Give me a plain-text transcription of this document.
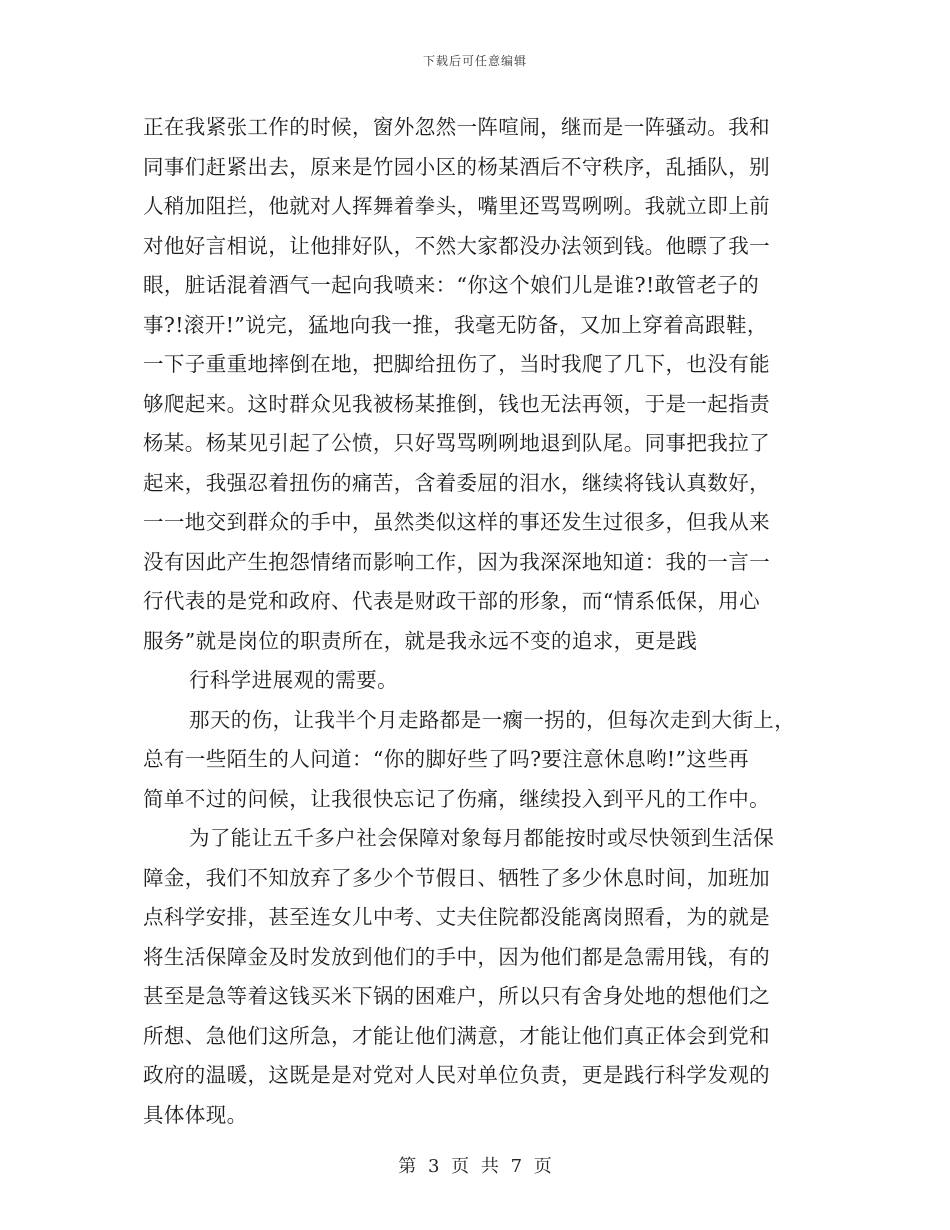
下载后可任意编辑
正在我紧张工作的时候，窗外忽然一阵喧闹，继而是一阵骚动。我和
同事们赶紧出去，原来是竹园小区的杨某酒后不守秩序，乱插队，别
人稍加阻拦，他就对人挥舞着拳头，嘴里还骂骂咧咧。我就立即上前
对他好言相说，让他排好队，不然大家都没办法领到钱。他瞟了我一
眼，脏话混着酒气一起向我喷来：“你这个娘们儿是谁?!敢管老子的
事?!滚开!”说完，猛地向我一推，我毫无防备，又加上穿着高跟鞋，
一下子重重地摔倒在地，把脚给扭伤了，当时我爬了几下，也没有能
够爬起来。这时群众见我被杨某推倒，钱也无法再领，于是一起指责
杨某。杨某见引起了公愤，只好骂骂咧咧地退到队尾。同事把我拉了
起来，我强忍着扭伤的痛苦，含着委屈的泪水，继续将钱认真数好，
一一地交到群众的手中，虽然类似这样的事还发生过很多，但我从来
没有因此产生抱怨情绪而影响工作，因为我深深地知道：我的一言一
行代表的是党和政府、代表是财政干部的形象，而“情系低保，用心
服务”就是岗位的职责所在，就是我永远不变的追求，更是践
行科学进展观的需要。
那天的伤，让我半个月走路都是一瘸一拐的，但每次走到大街上，
总有一些陌生的人问道：“你的脚好些了吗?要注意休息哟!”这些再
简单不过的问候，让我很快忘记了伤痛，继续投入到平凡的工作中。
为了能让五千多户社会保障对象每月都能按时或尽快领到生活保
障金，我们不知放弃了多少个节假日、牺牲了多少休息时间，加班加
点科学安排，甚至连女儿中考、丈夫住院都没能离岗照看，为的就是
将生活保障金及时发放到他们的手中，因为他们都是急需用钱，有的
甚至是急等着这钱买米下锅的困难户，所以只有舍身处地的想他们之
所想、急他们这所急，才能让他们满意，才能让他们真正体会到党和
政府的温暖，这既是是对党对人民对单位负责，更是践行科学发观的
具体体现。
第 3 页 共 7 页
